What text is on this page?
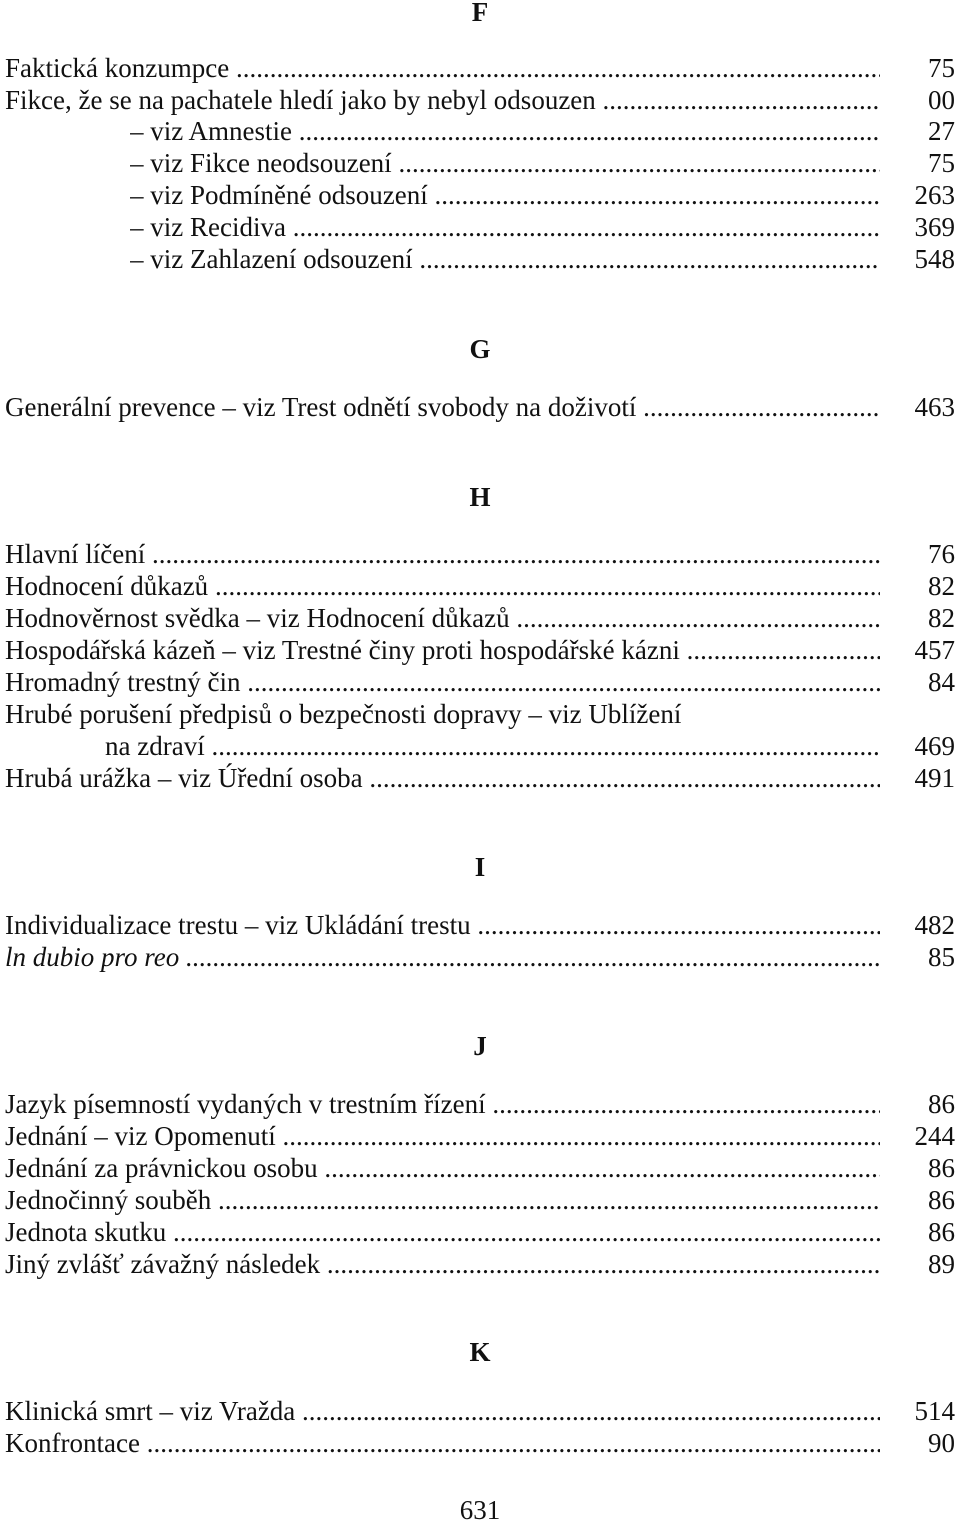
F
Faktická konzumpce .....	75
Fikce, že se na pachatele hledí jako by nebyl odsouzen .....	00
– viz Amnestie .....	27
– viz Fikce neodsouzení .....	75
– viz Podmíněné odsouzení .....	263
– viz Recidiva .....	369
– viz Zahlazení odsouzení .....	548
G
Generální prevence – viz Trest odnětí svobody na doživotí .....	463
H
Hlavní líčení .....	76
Hodnocení důkazů .....	82
Hodnověrnost svědka – viz Hodnocení důkazů .....	82
Hospodářská kázeň – viz Trestné činy proti hospodářské kázni .....	457
Hromadný trestný čin .....	84
Hrubé porušení předpisů o bezpečnosti dopravy – viz Ublížení
na zdraví .....	469
Hrubá urážka – viz Úřední osoba .....	491
I
Individualizace trestu – viz Ukládání trestu .....	482
ln dubio pro reo .....	85
J
Jazyk písemností vydaných v trestním řízení .....	86
Jednání – viz Opomenutí .....	244
Jednání za právnickou osobu .....	86
Jednočinný souběh .....	86
Jednota skutku .....	86
Jiný zvlášť závažný následek .....	89
K
Klinická smrt – viz Vražda .....	514
Konfrontace .....	90
631
